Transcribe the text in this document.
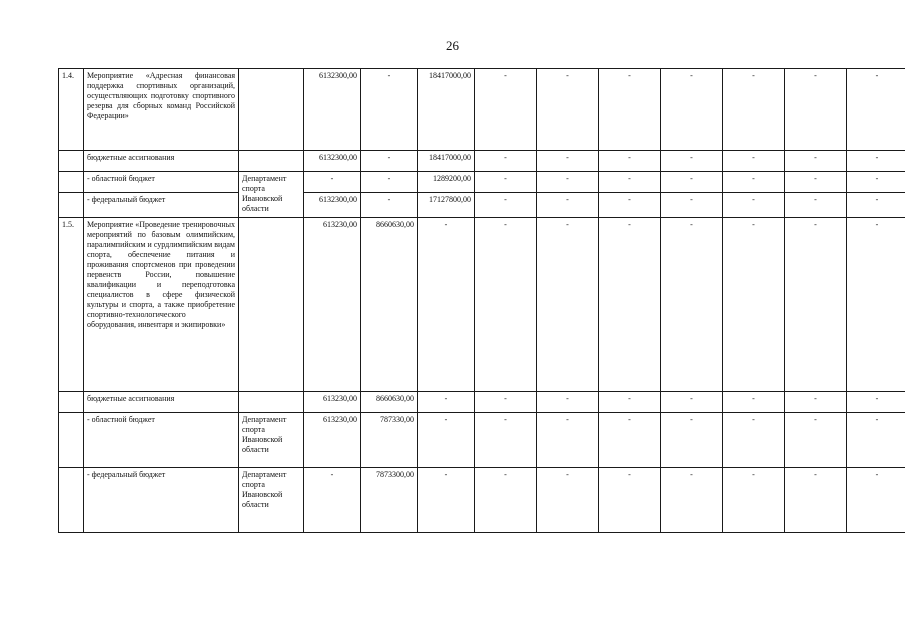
26
1.4.	Мероприятие «Адресная финансовая поддержка спортивных организаций, осуществляющих подготовку спортивного резерва для сборных команд Российской Федерации»		6132300,00	-	18417000,00	-	-	-	-	-	-	-
	бюджетные ассигнования		6132300,00	-	18417000,00	-	-	-	-	-	-	-
	- областной бюджет	Департамент спорта Ивановской области	-	-	1289200,00	-	-	-	-	-	-	-
	- федеральный бюджет		6132300,00	-	17127800,00	-	-	-	-	-	-	-
1.5.	Мероприятие «Проведение тренировочных мероприятий по базовым олимпийским, паралимпийским и сурдлимпийским видам спорта, обеспечение питания и проживания спортсменов при проведении первенств России, повышение квалификации и переподготовка специалистов в сфере физической культуры и спорта, а также приобретение спортивно-технологического оборудования, инвентаря и экипировки»		613230,00	8660630,00	-	-	-	-	-	-	-	-
	бюджетные ассигнования		613230,00	8660630,00	-	-	-	-	-	-	-	-
	- областной бюджет	Департамент спорта Ивановской области	613230,00	787330,00	-	-	-	-	-	-	-	-
	- федеральный бюджет	Департамент спорта Ивановской области	-	7873300,00	-	-	-	-	-	-	-	-
